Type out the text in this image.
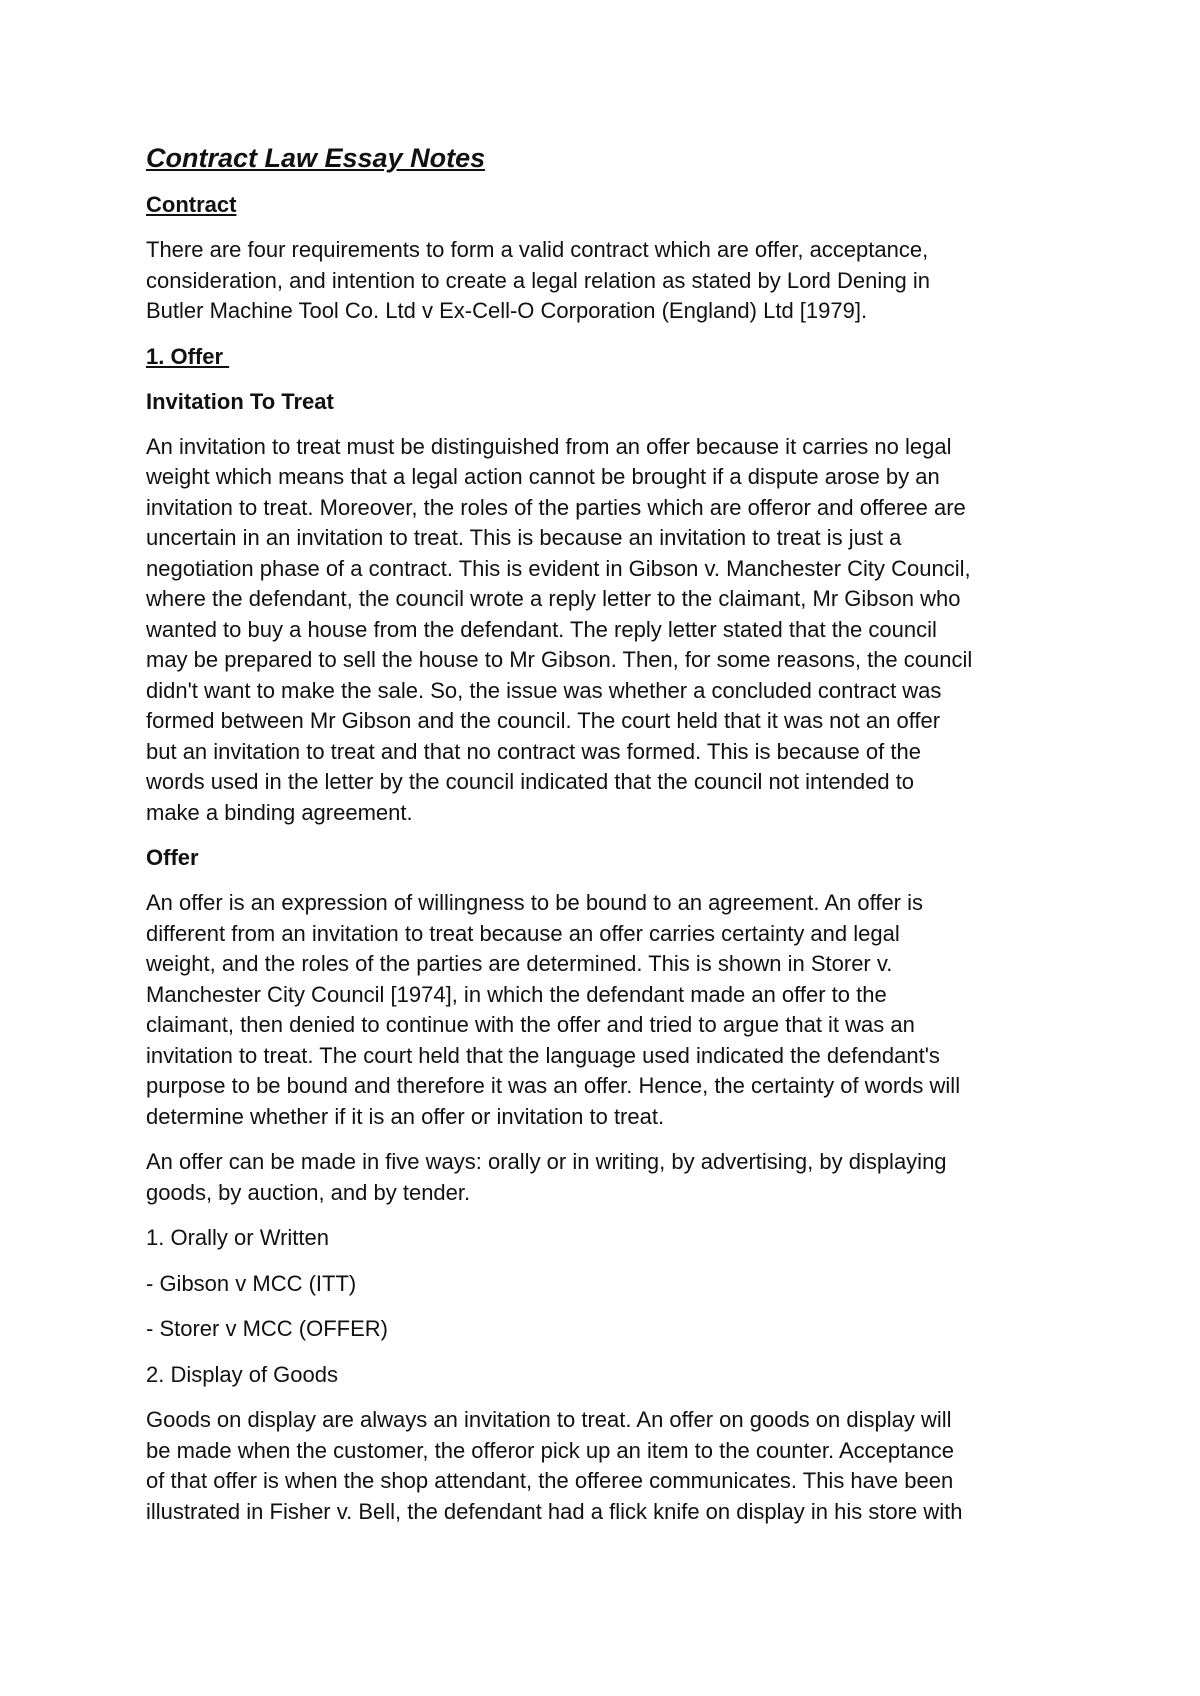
Contract Law Essay Notes
Contract
There are four requirements to form a valid contract which are offer, acceptance,
consideration, and intention to create a legal relation as stated by Lord Dening in
Butler Machine Tool Co. Ltd v Ex-Cell-O Corporation (England) Ltd [1979].
1. Offer
Invitation To Treat
An invitation to treat must be distinguished from an offer because it carries no legal
weight which means that a legal action cannot be brought if a dispute arose by an
invitation to treat. Moreover, the roles of the parties which are offeror and offeree are
uncertain in an invitation to treat. This is because an invitation to treat is just a
negotiation phase of a contract. This is evident in Gibson v. Manchester City Council,
where the defendant, the council wrote a reply letter to the claimant, Mr Gibson who
wanted to buy a house from the defendant. The reply letter stated that the council
may be prepared to sell the house to Mr Gibson. Then, for some reasons, the council
didn't want to make the sale. So, the issue was whether a concluded contract was
formed between Mr Gibson and the council. The court held that it was not an offer
but an invitation to treat and that no contract was formed. This is because of the
words used in the letter by the council indicated that the council not intended to
make a binding agreement.
Offer
An offer is an expression of willingness to be bound to an agreement. An offer is
different from an invitation to treat because an offer carries certainty and legal
weight, and the roles of the parties are determined. This is shown in Storer v.
Manchester City Council [1974], in which the defendant made an offer to the
claimant, then denied to continue with the offer and tried to argue that it was an
invitation to treat. The court held that the language used indicated the defendant's
purpose to be bound and therefore it was an offer. Hence, the certainty of words will
determine whether if it is an offer or invitation to treat.
An offer can be made in five ways: orally or in writing, by advertising, by displaying
goods, by auction, and by tender.
1. Orally or Written
- Gibson v MCC (ITT)
- Storer v MCC (OFFER)
2. Display of Goods
Goods on display are always an invitation to treat. An offer on goods on display will
be made when the customer, the offeror pick up an item to the counter. Acceptance
of that offer is when the shop attendant, the offeree communicates. This have been
illustrated in Fisher v. Bell, the defendant had a flick knife on display in his store with
